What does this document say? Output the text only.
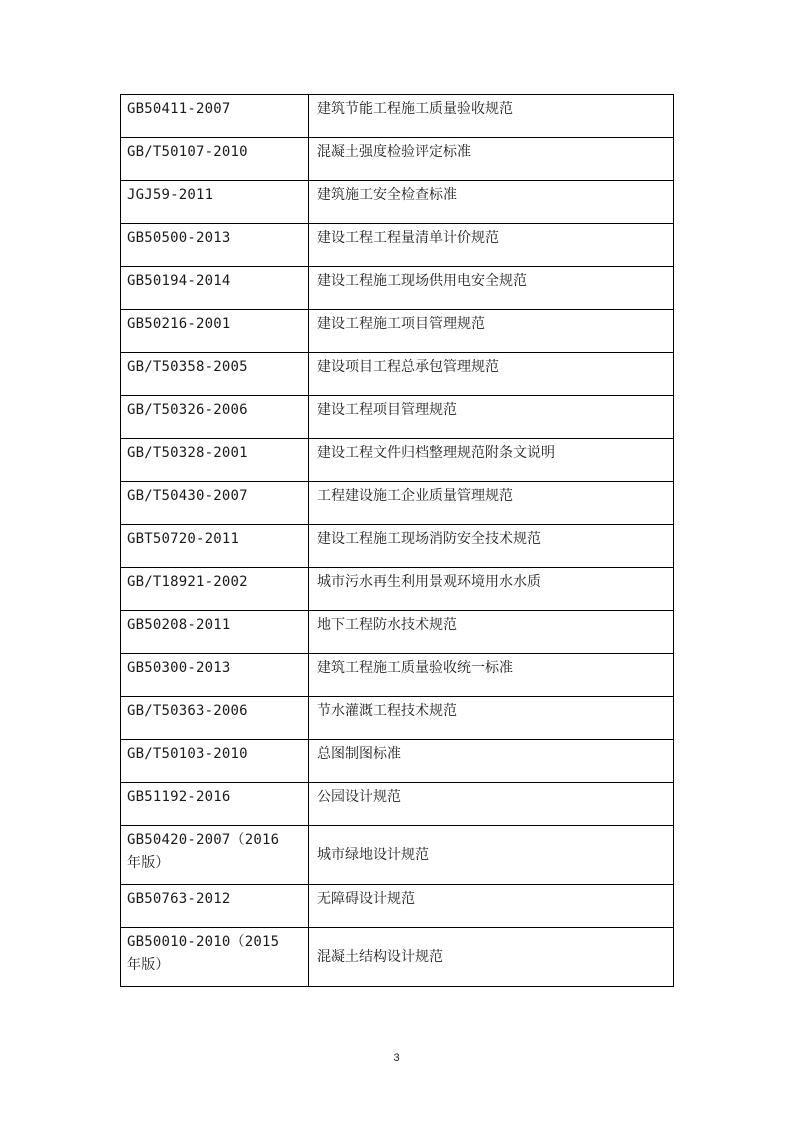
GB50411-2007	建筑节能工程施工质量验收规范
GB/T50107-2010	混凝土强度检验评定标准
JGJ59-2011	建筑施工安全检查标准
GB50500-2013	建设工程工程量清单计价规范
GB50194-2014	建设工程施工现场供用电安全规范
GB50216-2001	建设工程施工项目管理规范
GB/T50358-2005	建设项目工程总承包管理规范
GB/T50326-2006	建设工程项目管理规范
GB/T50328-2001	建设工程文件归档整理规范附条文说明
GB/T50430-2007	工程建设施工企业质量管理规范
GBT50720-2011	建设工程施工现场消防安全技术规范
GB/T18921-2002	城市污水再生利用景观环境用水水质
GB50208-2011	地下工程防水技术规范
GB50300-2013	建筑工程施工质量验收统一标准
GB/T50363-2006	节水灌溉工程技术规范
GB/T50103-2010	总图制图标准
GB51192-2016	公园设计规范
GB50420-2007（2016 年版）	城市绿地设计规范
GB50763-2012	无障碍设计规范
GB50010-2010（2015 年版）	混凝土结构设计规范
3
